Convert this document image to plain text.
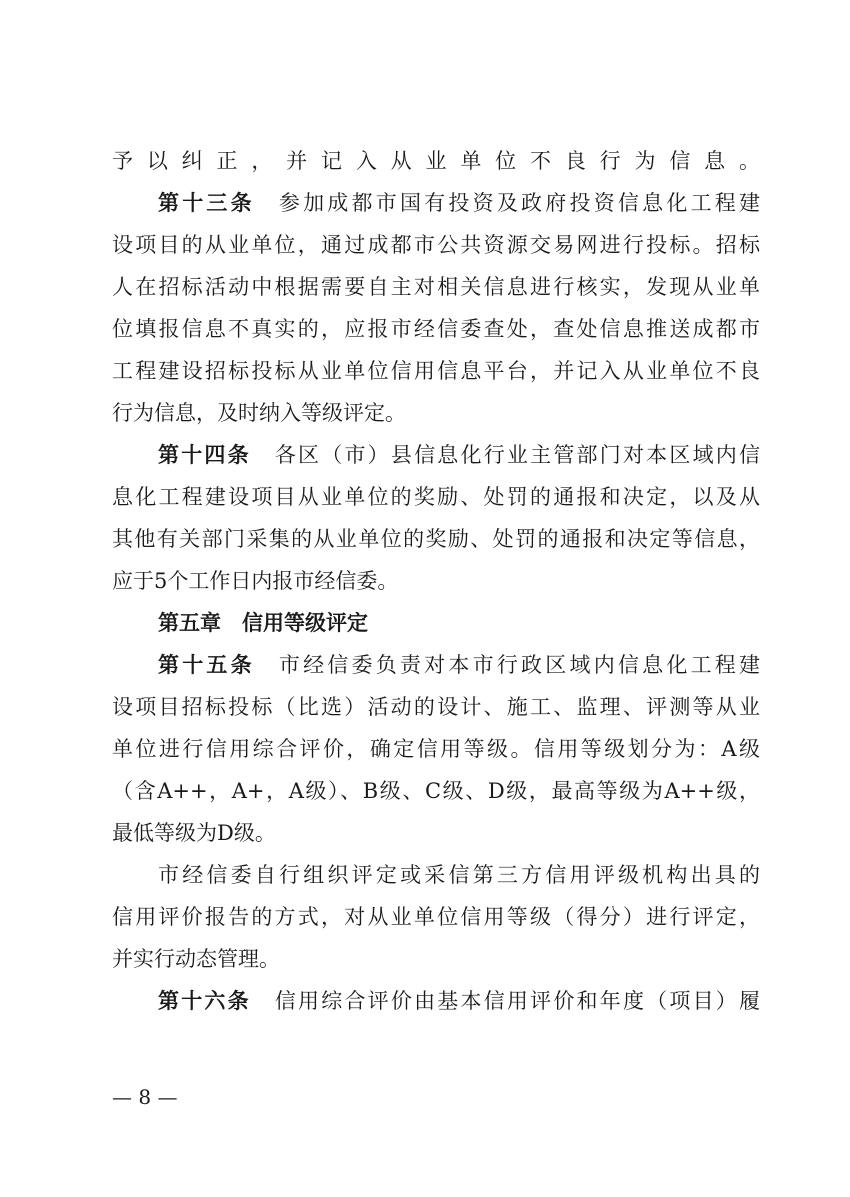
予以纠正，并记入从业单位不良行为信息。
第十三条 参加成都市国有投资及政府投资信息化工程建
设项目的从业单位，通过成都市公共资源交易网进行投标。招标
人在招标活动中根据需要自主对相关信息进行核实，发现从业单
位填报信息不真实的，应报市经信委查处，查处信息推送成都市
工程建设招标投标从业单位信用信息平台，并记入从业单位不良
行为信息，及时纳入等级评定。
第十四条 各区（市）县信息化行业主管部门对本区域内信
息化工程建设项目从业单位的奖励、处罚的通报和决定，以及从
其他有关部门采集的从业单位的奖励、处罚的通报和决定等信息，
应于5个工作日内报市经信委。
第五章　信用等级评定
第十五条 市经信委负责对本市行政区域内信息化工程建
设项目招标投标（比选）活动的设计、施工、监理、评测等从业
单位进行信用综合评价，确定信用等级。信用等级划分为：A级
（含A++，A+，A级）、B级、C级、D级，最高等级为A++级，
最低等级为D级。
市经信委自行组织评定或采信第三方信用评级机构出具的
信用评价报告的方式，对从业单位信用等级（得分）进行评定，
并实行动态管理。
第十六条 信用综合评价由基本信用评价和年度（项目）履
— 8 —
